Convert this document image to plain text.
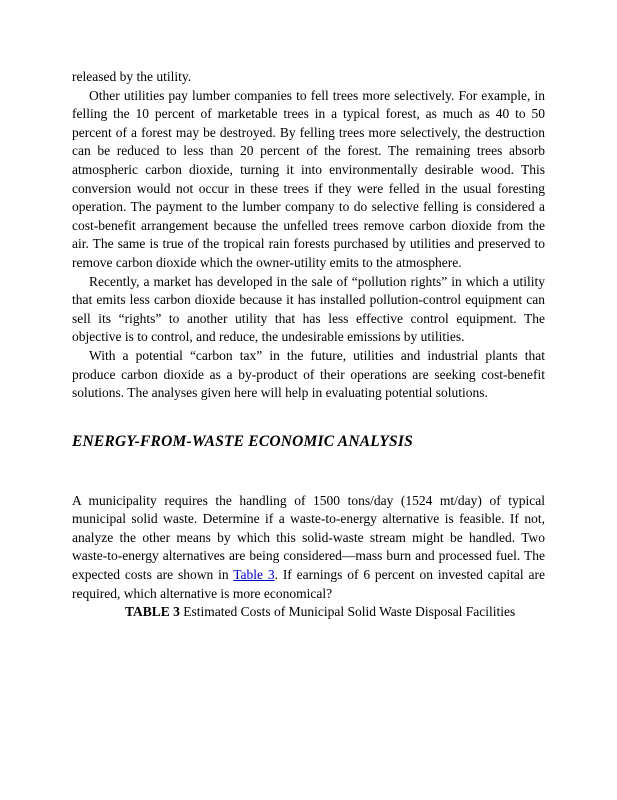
released by the utility.

Other utilities pay lumber companies to fell trees more selectively. For example, in felling the 10 percent of marketable trees in a typical forest, as much as 40 to 50 percent of a forest may be destroyed. By felling trees more selectively, the destruction can be reduced to less than 20 percent of the forest. The remaining trees absorb atmospheric carbon dioxide, turning it into environmentally desirable wood. This conversion would not occur in these trees if they were felled in the usual foresting operation. The payment to the lumber company to do selective felling is considered a cost-benefit arrangement because the unfelled trees remove carbon dioxide from the air. The same is true of the tropical rain forests purchased by utilities and preserved to remove carbon dioxide which the owner-utility emits to the atmosphere.

Recently, a market has developed in the sale of “pollution rights” in which a utility that emits less carbon dioxide because it has installed pollution-control equipment can sell its “rights” to another utility that has less effective control equipment. The objective is to control, and reduce, the undesirable emissions by utilities.

With a potential “carbon tax” in the future, utilities and industrial plants that produce carbon dioxide as a by-product of their operations are seeking cost-benefit solutions. The analyses given here will help in evaluating potential solutions.

ENERGY-FROM-WASTE ECONOMIC ANALYSIS

A municipality requires the handling of 1500 tons/day (1524 mt/day) of typical municipal solid waste. Determine if a waste-to-energy alternative is feasible. If not, analyze the other means by which this solid-waste stream might be handled. Two waste-to-energy alternatives are being considered—mass burn and processed fuel. The expected costs are shown in Table 3. If earnings of 6 percent on invested capital are required, which alternative is more economical?

TABLE 3 Estimated Costs of Municipal Solid Waste Disposal Facilities
